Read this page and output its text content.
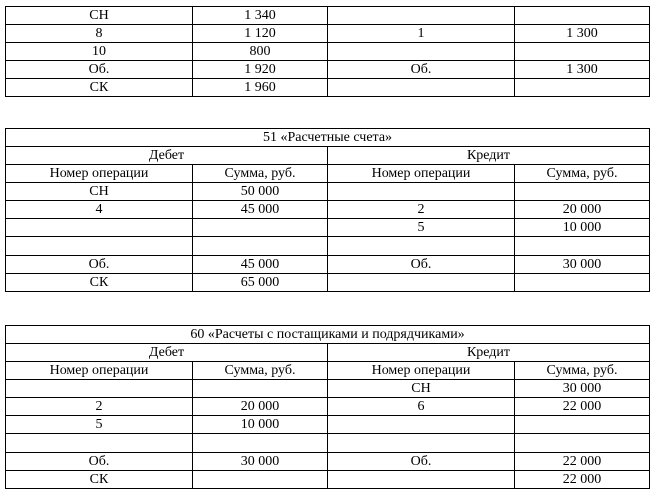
СН	1 340		
8	1 120	1	1 300
10	800		
Об.	1 920	Об.	1 300
СК	1 960		
51 «Расчетные счета»			
Дебет		Кредит	
Номер операции	Сумма, руб.	Номер операции	Сумма, руб.
СН	50 000		
4	45 000	2	20 000
		5	10 000

Об.	45 000	Об.	30 000
СК	65 000		
60 «Расчеты с постащиками и подрядчиками»			
Дебет		Кредит	
Номер операции	Сумма, руб.	Номер операции	Сумма, руб.
		СН	30 000
2	20 000	6	22 000
5	10 000		

Об.	30 000	Об.	22 000
СК			22 000
